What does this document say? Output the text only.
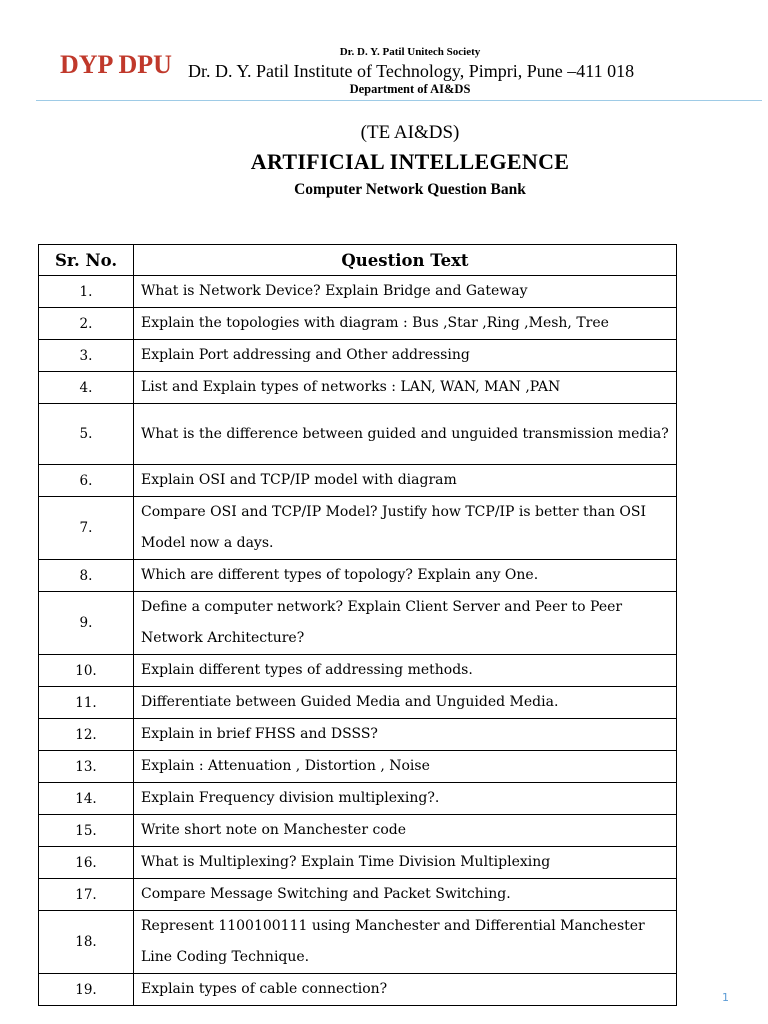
DYP DPU	Dr. D. Y. Patil Unitech Society
Dr. D. Y. Patil Institute of Technology, Pimpri, Pune –411 018
Department of AI&DS
(TE AI&DS)
ARTIFICIAL INTELLEGENCE
Computer Network Question Bank
Sr. No.	Question Text
1.	What is Network Device? Explain Bridge and Gateway
2.	Explain the topologies with diagram : Bus ,Star ,Ring ,Mesh, Tree
3.	Explain Port addressing and Other addressing
4.	List and Explain types of networks : LAN, WAN, MAN ,PAN
5.	What is the difference between guided and unguided transmission media?
6.	Explain OSI and TCP/IP model with diagram
7.	Compare OSI and TCP/IP Model? Justify how TCP/IP is better than OSI Model now a days.
8.	Which are different types of topology? Explain any One.
9.	Define a computer network? Explain Client Server and Peer to Peer Network Architecture?
10.	Explain different types of addressing methods.
11.	Differentiate between Guided Media and Unguided Media.
12.	Explain in brief FHSS and DSSS?
13.	Explain : Attenuation , Distortion , Noise
14.	Explain Frequency division multiplexing?.
15.	Write short note on Manchester code
16.	What is Multiplexing? Explain Time Division Multiplexing
17.	Compare Message Switching and Packet Switching.
18.	Represent 1100100111 using Manchester and Differential Manchester Line Coding Technique.
19.	Explain types of cable connection?
1
